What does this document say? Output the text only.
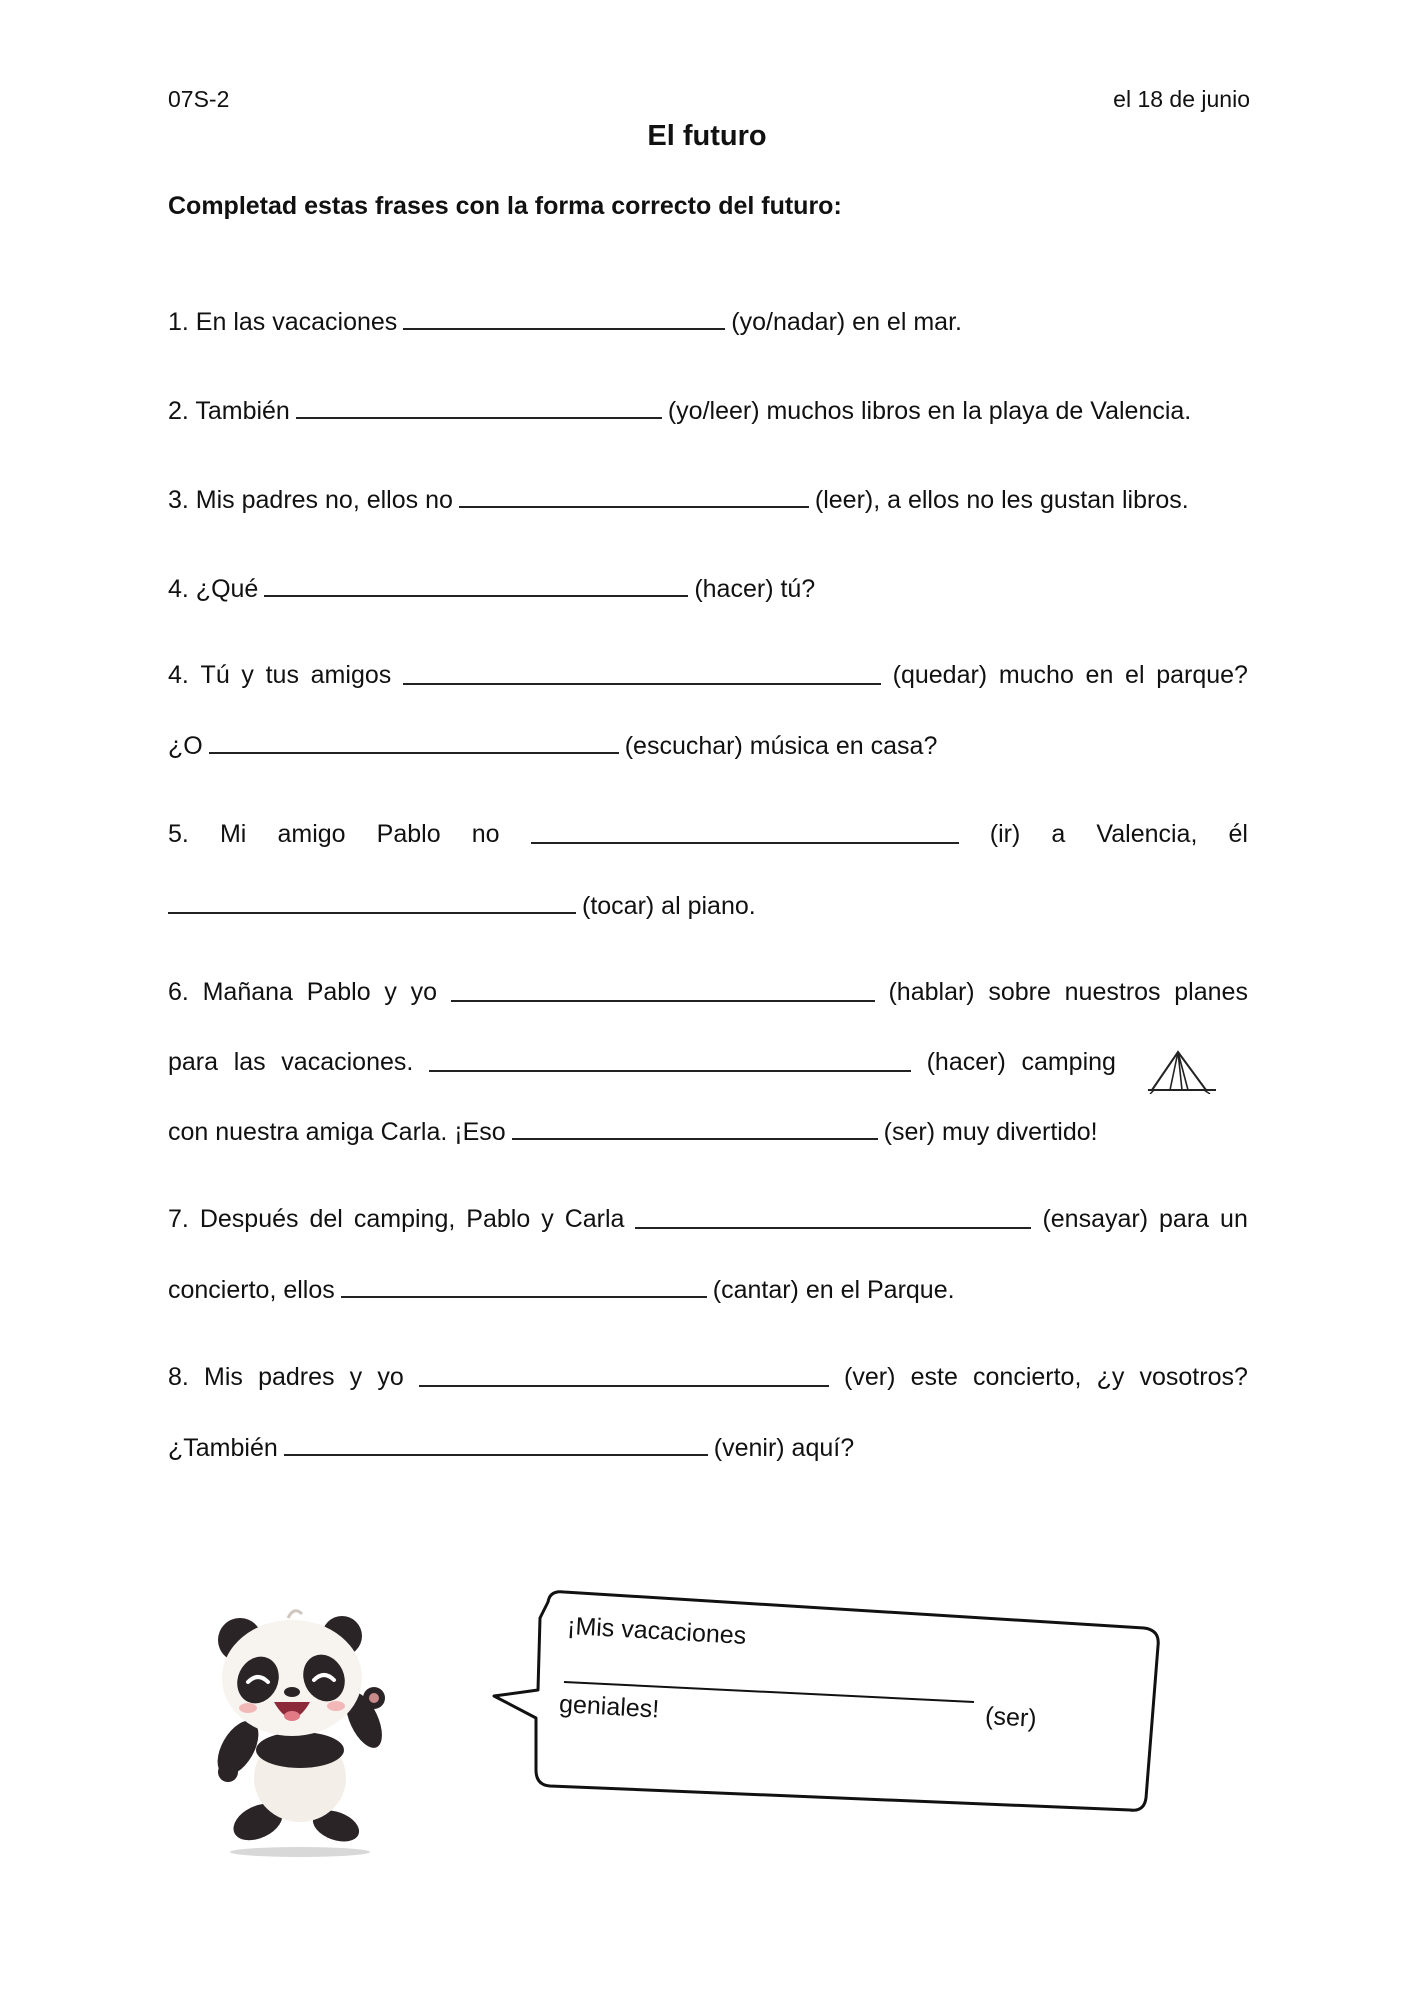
07S-2	el 18 de junio
El futuro
Completad estas frases con la forma correcto del futuro:
1. En las vacaciones	(yo/nadar) en el mar.
2. También	(yo/leer) muchos libros en la playa de Valencia.
3. Mis padres no, ellos no	(leer), a ellos no les gustan libros.
4. ¿Qué	(hacer) tú?
4. Tú y tus amigos	(quedar) mucho en el parque?
¿O	(escuchar) música en casa?
5. Mi amigo Pablo no	(ir) a Valencia, él
(tocar) al piano.
6. Mañana Pablo y yo	(hablar) sobre nuestros planes
para las vacaciones.	(hacer) camping
con nuestra amiga Carla. ¡Eso	(ser) muy divertido!
7. Después del camping, Pablo y Carla	(ensayar) para un
concierto, ellos	(cantar) en el Parque.
8. Mis padres y yo	(ver) este concierto, ¿y vosotros?
¿También	(venir) aquí?
¡Mis vacaciones
geniales!	(ser)
